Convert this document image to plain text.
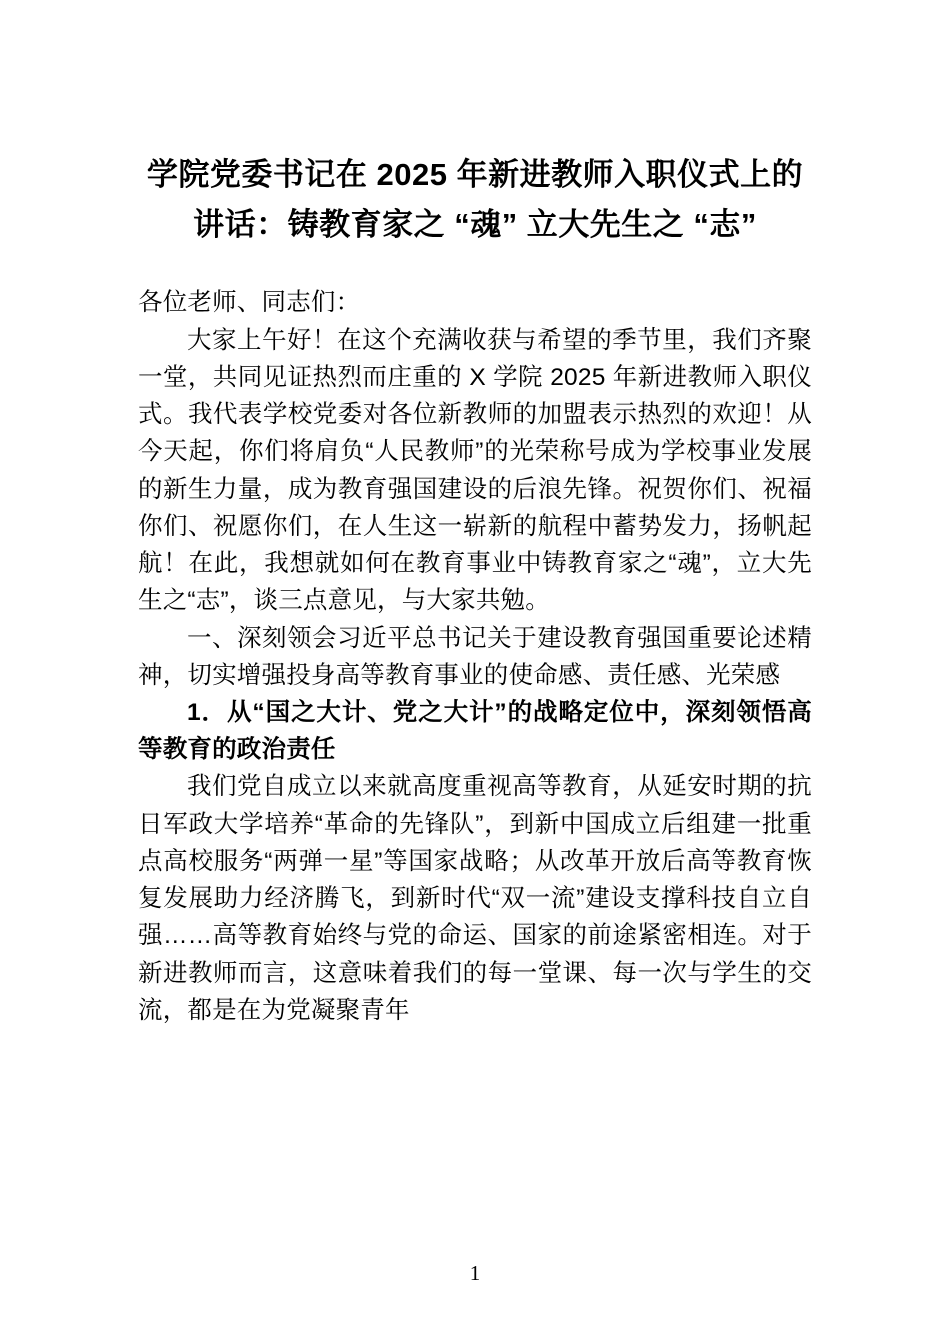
学院党委书记在 2025 年新进教师入职仪式上的讲话：铸教育家之 “魂” 立大先生之 “志”

各位老师、同志们：

大家上午好！在这个充满收获与希望的季节里，我们齐聚一堂，共同见证热烈而庄重的 X 学院 2025 年新进教师入职仪式。我代表学校党委对各位新教师的加盟表示热烈的欢迎！从今天起，你们将肩负“人民教师”的光荣称号成为学校事业发展的新生力量，成为教育强国建设的后浪先锋。祝贺你们、祝福你们、祝愿你们，在人生这一崭新的航程中蓄势发力，扬帆起航！在此，我想就如何在教育事业中铸教育家之“魂”，立大先生之“志”，谈三点意见，与大家共勉。

一、深刻领会习近平总书记关于建设教育强国重要论述精神，切实增强投身高等教育事业的使命感、责任感、光荣感

1．从“国之大计、党之大计”的战略定位中，深刻领悟高等教育的政治责任

我们党自成立以来就高度重视高等教育，从延安时期的抗日军政大学培养“革命的先锋队”，到新中国成立后组建一批重点高校服务“两弹一星”等国家战略；从改革开放后高等教育恢复发展助力经济腾飞，到新时代“双一流”建设支撑科技自立自强……高等教育始终与党的命运、国家的前途紧密相连。对于新进教师而言，这意味着我们的每一堂课、每一次与学生的交流，都是在为党凝聚青年

1
